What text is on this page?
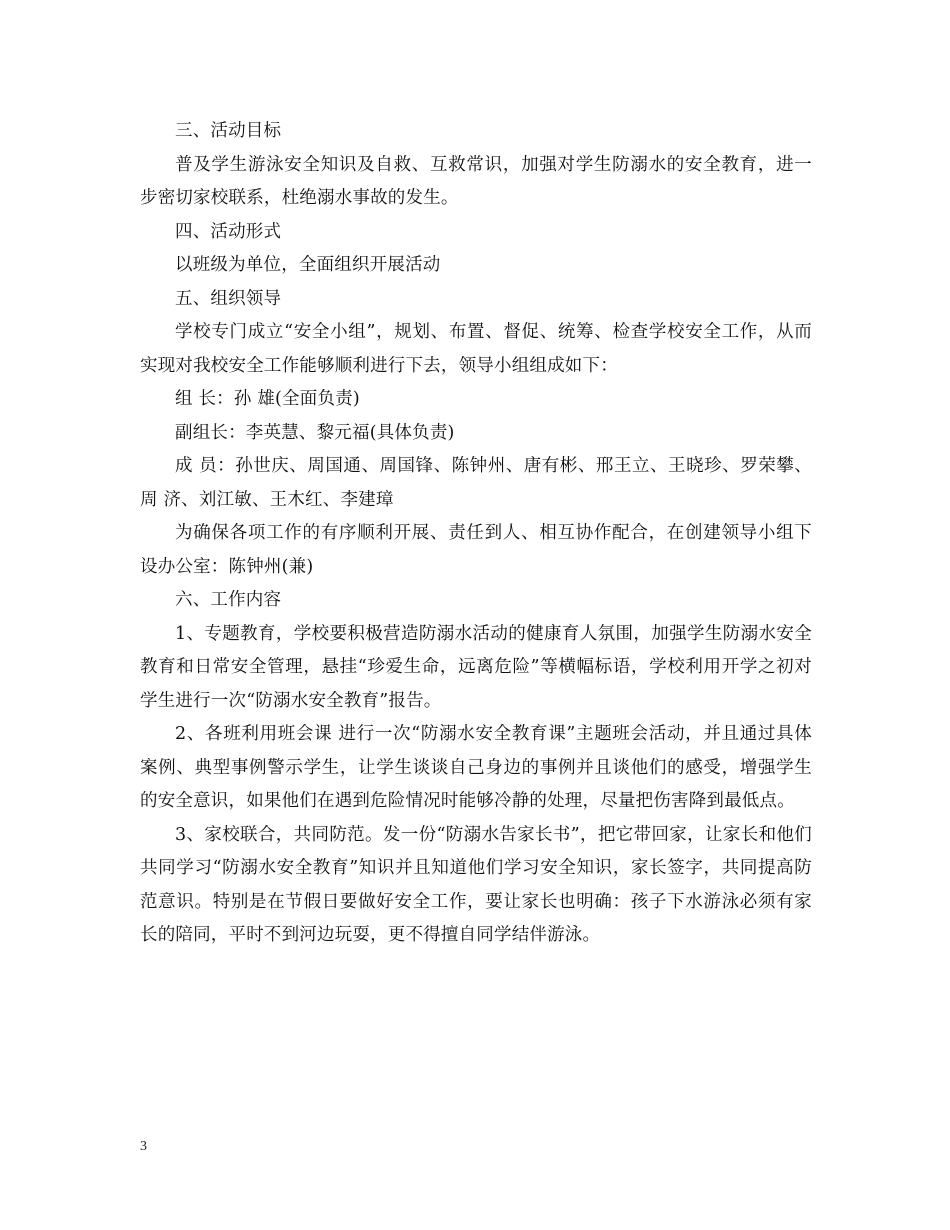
三、活动目标

普及学生游泳安全知识及自救、互救常识，加强对学生防溺水的安全教育，进一步密切家校联系，杜绝溺水事故的发生。

四、活动形式

以班级为单位，全面组织开展活动

五、组织领导

学校专门成立“安全小组”，规划、布置、督促、统筹、检查学校安全工作，从而实现对我校安全工作能够顺利进行下去，领导小组组成如下：

组 长：孙 雄(全面负责)

副组长：李英慧、黎元福(具体负责)

成 员：孙世庆、周国通、周国锋、陈钟州、唐有彬、邢王立、王晓珍、罗荣攀、周 济、刘江敏、王木红、李建璋

为确保各项工作的有序顺利开展、责任到人、相互协作配合，在创建领导小组下设办公室：陈钟州(兼)

六、工作内容

1、专题教育，学校要积极营造防溺水活动的健康育人氛围，加强学生防溺水安全教育和日常安全管理，悬挂“珍爱生命，远离危险”等横幅标语，学校利用开学之初对学生进行一次“防溺水安全教育”报告。

2、各班利用班会课 进行一次“防溺水安全教育课”主题班会活动，并且通过具体案例、典型事例警示学生，让学生谈谈自己身边的事例并且谈他们的感受，增强学生的安全意识，如果他们在遇到危险情况时能够冷静的处理，尽量把伤害降到最低点。

3、家校联合，共同防范。发一份“防溺水告家长书”，把它带回家，让家长和他们共同学习“防溺水安全教育”知识并且知道他们学习安全知识，家长签字，共同提高防范意识。特别是在节假日要做好安全工作，要让家长也明确：孩子下水游泳必须有家长的陪同，平时不到河边玩耍，更不得擅自同学结伴游泳。

3
